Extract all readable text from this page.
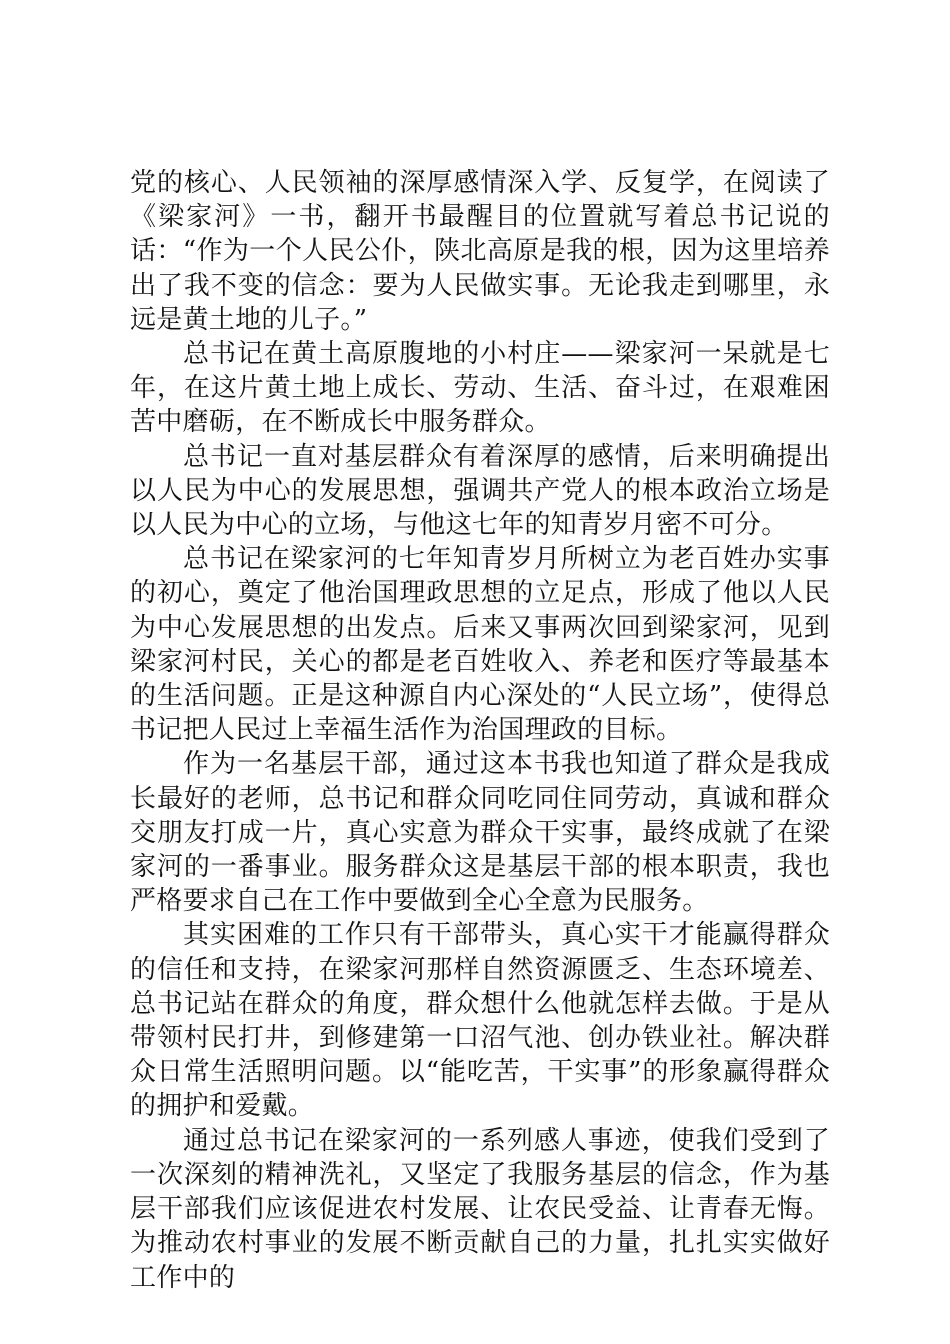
党的核心、人民领袖的深厚感情深入学、反复学，在阅读了《梁家河》一书，翻开书最醒目的位置就写着总书记说的话：“作为一个人民公仆，陕北高原是我的根，因为这里培养出了我不变的信念：要为人民做实事。无论我走到哪里，永远是黄土地的儿子。”

总书记在黄土高原腹地的小村庄——梁家河一呆就是七年，在这片黄土地上成长、劳动、生活、奋斗过，在艰难困苦中磨砺，在不断成长中服务群众。

总书记一直对基层群众有着深厚的感情，后来明确提出以人民为中心的发展思想，强调共产党人的根本政治立场是以人民为中心的立场，与他这七年的知青岁月密不可分。

总书记在梁家河的七年知青岁月所树立为老百姓办实事的初心，奠定了他治国理政思想的立足点，形成了他以人民为中心发展思想的出发点。后来又事两次回到梁家河，见到梁家河村民，关心的都是老百姓收入、养老和医疗等最基本的生活问题。正是这种源自内心深处的“人民立场”，使得总书记把人民过上幸福生活作为治国理政的目标。

作为一名基层干部，通过这本书我也知道了群众是我成长最好的老师，总书记和群众同吃同住同劳动，真诚和群众交朋友打成一片，真心实意为群众干实事，最终成就了在梁家河的一番事业。服务群众这是基层干部的根本职责，我也严格要求自己在工作中要做到全心全意为民服务。

其实困难的工作只有干部带头，真心实干才能赢得群众的信任和支持，在梁家河那样自然资源匮乏、生态环境差、总书记站在群众的角度，群众想什么他就怎样去做。于是从带领村民打井，到修建第一口沼气池、创办铁业社。解决群众日常生活照明问题。以“能吃苦，干实事”的形象赢得群众的拥护和爱戴。

通过总书记在梁家河的一系列感人事迹，使我们受到了一次深刻的精神洗礼，又坚定了我服务基层的信念，作为基层干部我们应该促进农村发展、让农民受益、让青春无悔。为推动农村事业的发展不断贡献自己的力量，扎扎实实做好工作中的
